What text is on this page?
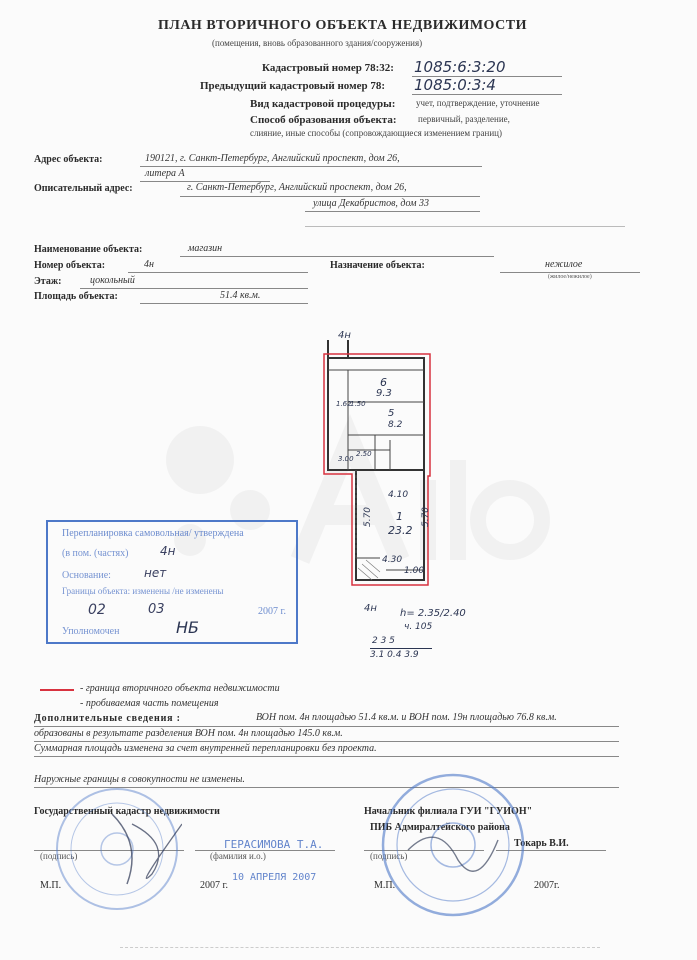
ПЛАН ВТОРИЧНОГО ОБЪЕКТА НЕДВИЖИМОСТИ
(помещения, вновь образованного здания/сооружения)
Кадастровый номер 78:32: 1085:6:3:20
Предыдущий кадастровый номер 78: 1085:0:3:4
Вид кадастровой процедуры: учет, подтверждение, уточнение
Способ образования объекта: первичный, разделение,
слияние, иные способы (сопровождающиеся изменением границ)
Адрес объекта:	190121, г. Санкт-Петербург, Английский проспект, дом 26,
литера А
Описательный адрес:	г. Санкт-Петербург, Английский проспект, дом 26,
улица Декабристов, дом 33
Наименование объекта:	магазин
Номер объекта:	4н	Назначение объекта:	нежилое
(жилое/нежилое)
Этаж:	цокольный
Площадь объекта:	51.4 кв.м.
4н
4н
6
9.3
5
8.2
1
23.2
4.10
5.70	5.70
4.30
1.00
1.50
3.00
2.50
1.62
h= 2.35/2.40
ч. 105
2 3 5
3.1 0.4 3.9
Перепланировка самовольная/ утверждена
(в пом. (частях)	4н
Основание:	нет
Границы объекта: изменены /не изменены
02	03	2007 г.
Уполномочен	НБ
- граница вторичного объекта недвижимости
- пробиваемая часть помещения
Дополнительные сведения :	ВОН пом. 4н площадью 51.4 кв.м. и ВОН пом. 19н площадью 76.8 кв.м.
образованы в результате разделения ВОН пом. 4н площадью 145.0 кв.м.
Суммарная площадь изменена за счет внутренней перепланировки без проекта.
Наружные границы в совокупности не изменены.
Государственный кадастр недвижимости
(подпись)	(фамилия и.о.)
ГЕРАСИМОВА Т.А.
М.П.	2007 г.
10 АПРЕЛЯ 2007
Начальник филиала ГУИ "ГУИОН"
ПИБ Адмиралтейского района
(подпись)
Токарь В.И.
М.П.	2007г.
